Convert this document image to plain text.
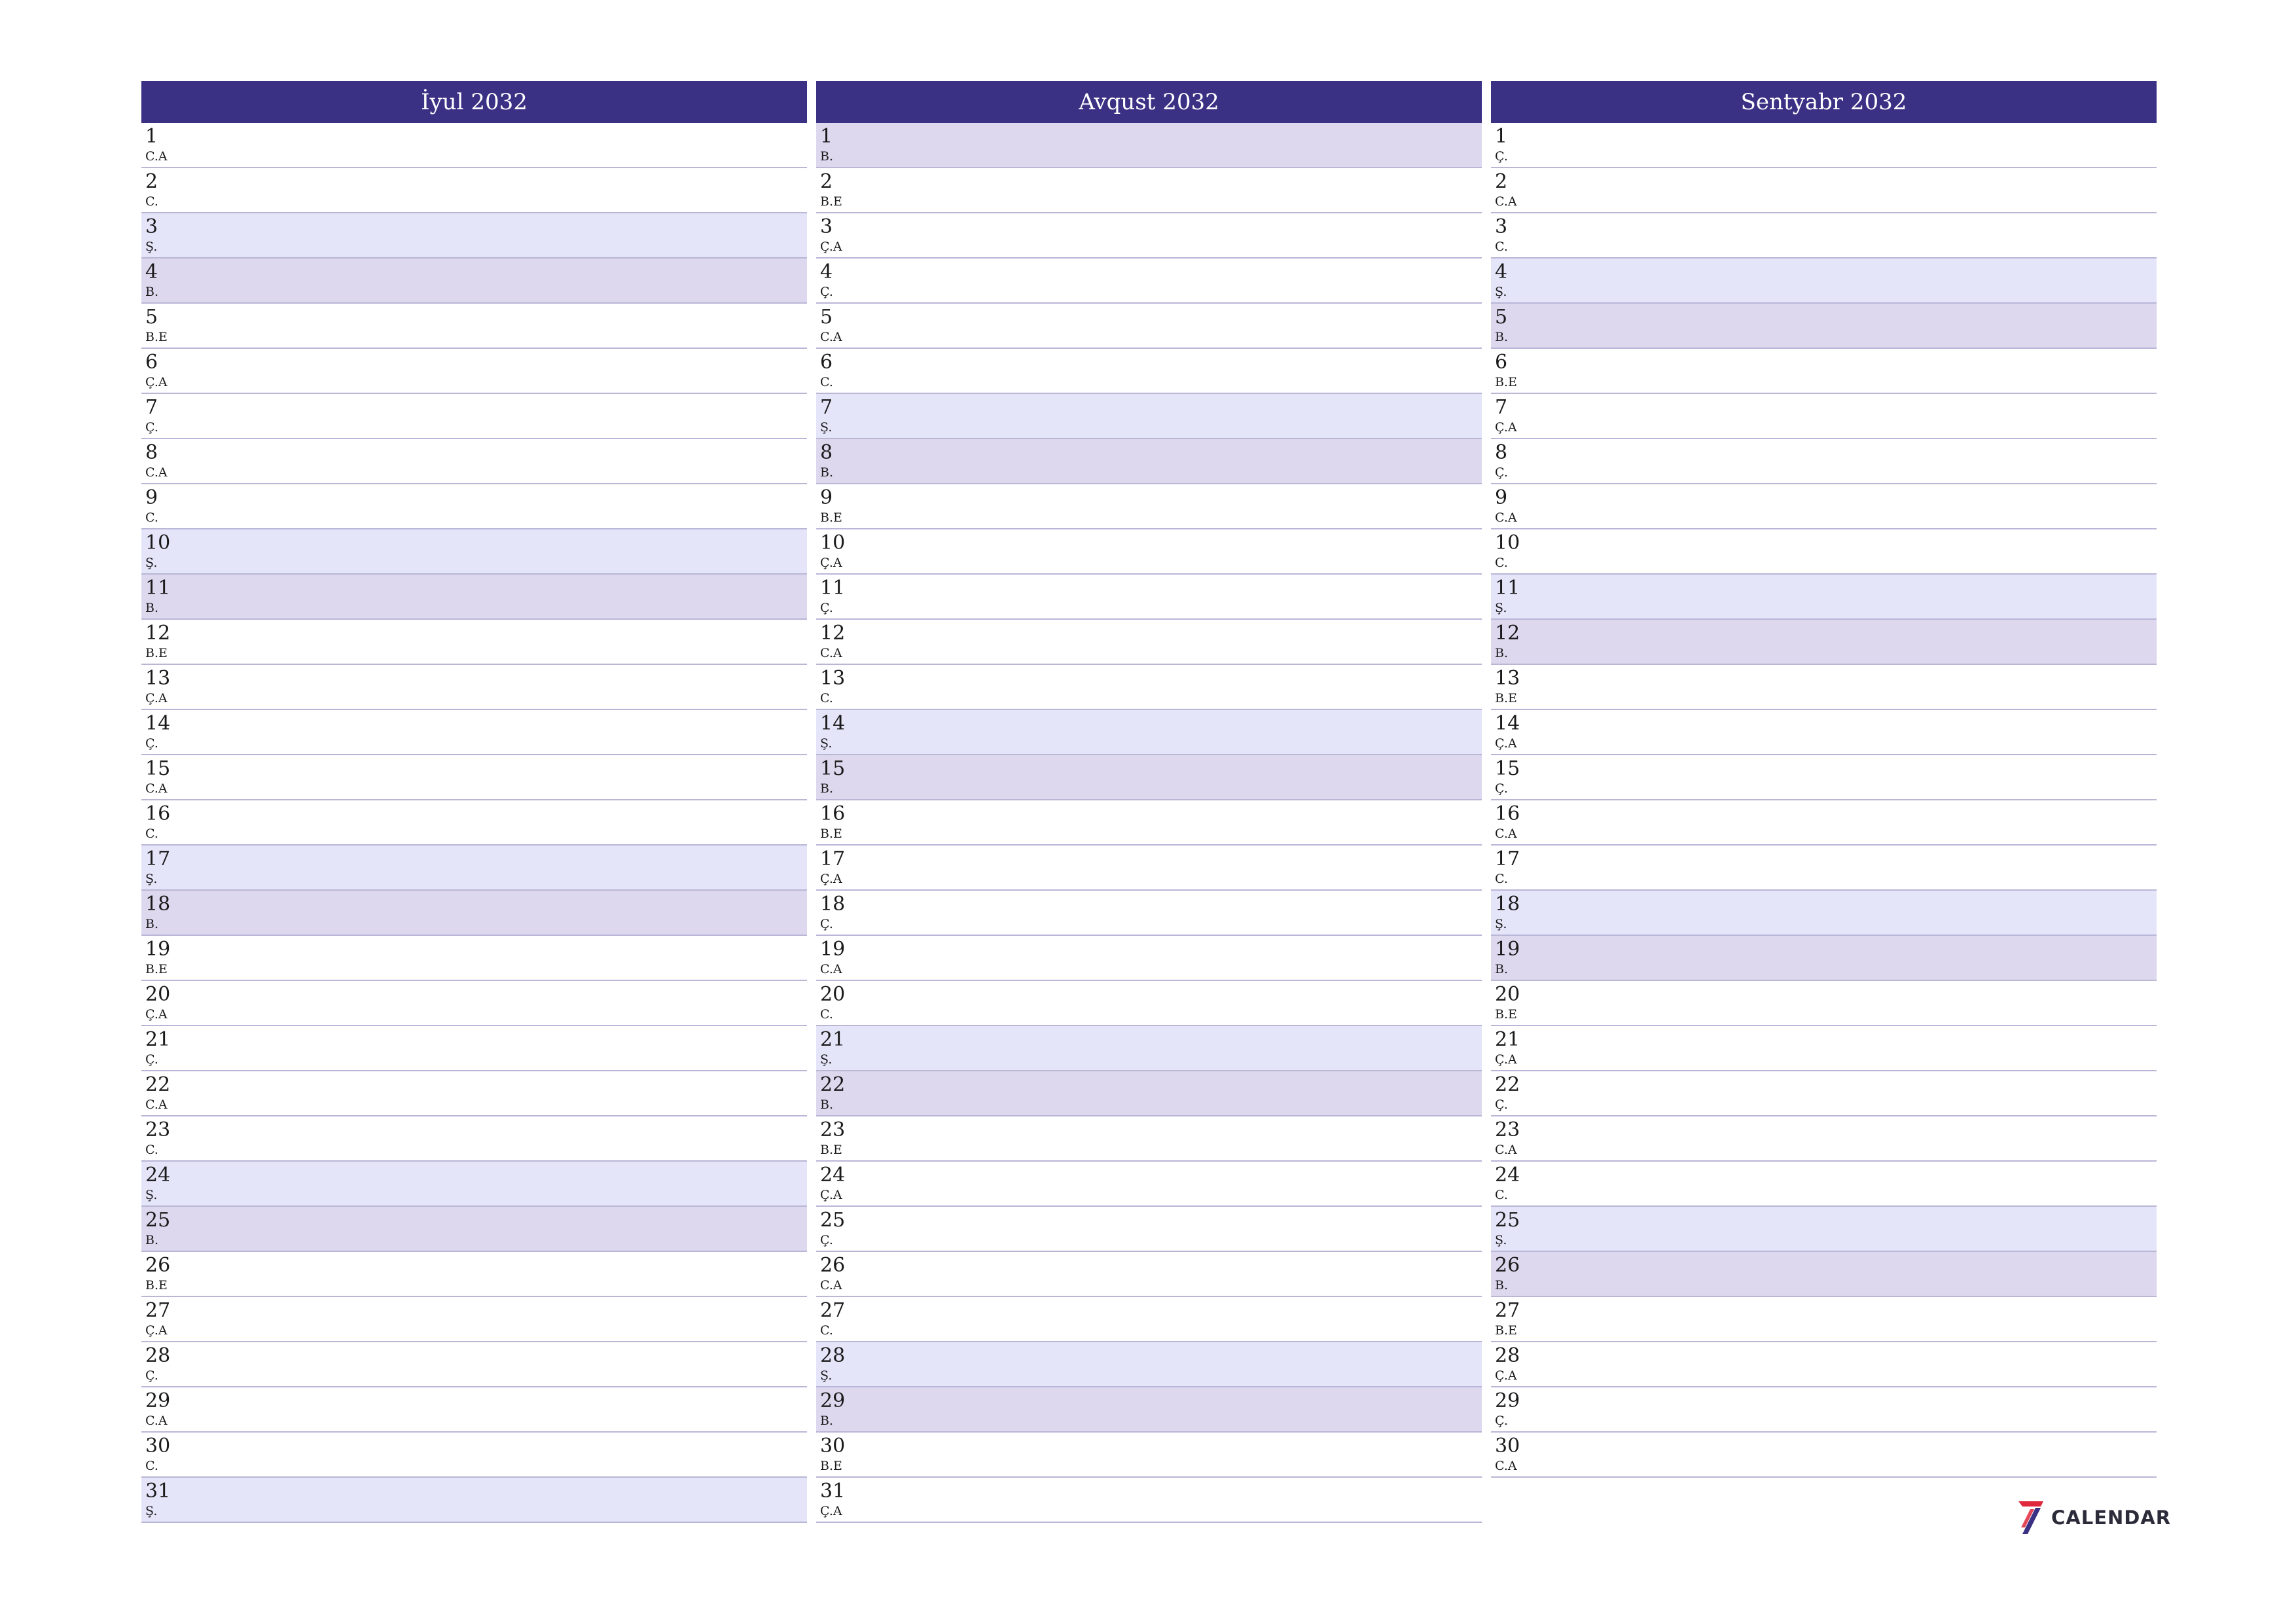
İyul 2032
1
C.A
2
C.
3
Ş.
4
B.
5
B.E
6
Ç.A
7
Ç.
8
C.A
9
C.
10
Ş.
11
B.
12
B.E
13
Ç.A
14
Ç.
15
C.A
16
C.
17
Ş.
18
B.
19
B.E
20
Ç.A
21
Ç.
22
C.A
23
C.
24
Ş.
25
B.
26
B.E
27
Ç.A
28
Ç.
29
C.A
30
C.
31
Ş.
Avqust 2032
1
B.
2
B.E
3
Ç.A
4
Ç.
5
C.A
6
C.
7
Ş.
8
B.
9
B.E
10
Ç.A
11
Ç.
12
C.A
13
C.
14
Ş.
15
B.
16
B.E
17
Ç.A
18
Ç.
19
C.A
20
C.
21
Ş.
22
B.
23
B.E
24
Ç.A
25
Ç.
26
C.A
27
C.
28
Ş.
29
B.
30
B.E
31
Ç.A
Sentyabr 2032
1
Ç.
2
C.A
3
C.
4
Ş.
5
B.
6
B.E
7
Ç.A
8
Ç.
9
C.A
10
C.
11
Ş.
12
B.
13
B.E
14
Ç.A
15
Ç.
16
C.A
17
C.
18
Ş.
19
B.
20
B.E
21
Ç.A
22
Ç.
23
C.A
24
C.
25
Ş.
26
B.
27
B.E
28
Ç.A
29
Ç.
30
C.A
CALENDAR
